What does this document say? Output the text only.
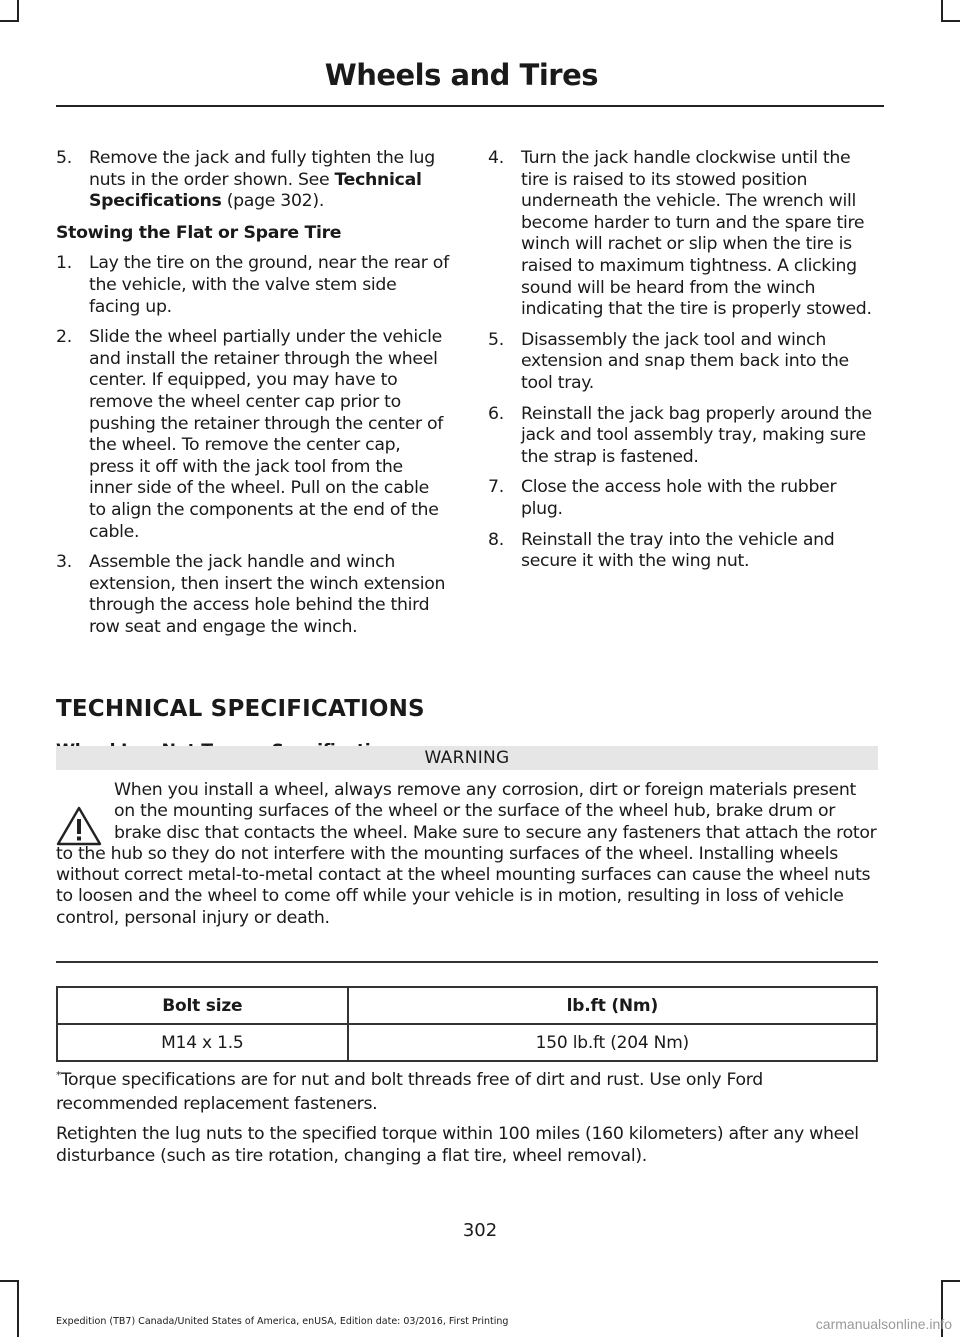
Wheels and Tires
5. Remove the jack and fully tighten the lug nuts in the order shown. See Technical Specifications (page 302).
Stowing the Flat or Spare Tire
1. Lay the tire on the ground, near the rear of the vehicle, with the valve stem side facing up.
2. Slide the wheel partially under the vehicle and install the retainer through the wheel center. If equipped, you may have to remove the wheel center cap prior to pushing the retainer through the center of the wheel. To remove the center cap, press it off with the jack tool from the inner side of the wheel. Pull on the cable to align the components at the end of the cable.
3. Assemble the jack handle and winch extension, then insert the winch extension through the access hole behind the third row seat and engage the winch.
4. Turn the jack handle clockwise until the tire is raised to its stowed position underneath the vehicle. The wrench will become harder to turn and the spare tire winch will rachet or slip when the tire is raised to maximum tightness. A clicking sound will be heard from the winch indicating that the tire is properly stowed.
5. Disassembly the jack tool and winch extension and snap them back into the tool tray.
6. Reinstall the jack bag properly around the jack and tool assembly tray, making sure the strap is fastened.
7. Close the access hole with the rubber plug.
8. Reinstall the tray into the vehicle and secure it with the wing nut.
TECHNICAL SPECIFICATIONS
WARNING
When you install a wheel, always remove any corrosion, dirt or foreign materials present on the mounting surfaces of the wheel or the surface of the wheel hub, brake drum or brake disc that contacts the wheel. Make sure to secure any fasteners that attach the rotor to the hub so they do not interfere with the mounting surfaces of the wheel. Installing wheels without correct metal-to-metal contact at the wheel mounting surfaces can cause the wheel nuts to loosen and the wheel to come off while your vehicle is in motion, resulting in loss of vehicle control, personal injury or death.
Bolt size	lb.ft (Nm)
M14 x 1.5	150 lb.ft (204 Nm)
*Torque specifications are for nut and bolt threads free of dirt and rust. Use only Ford recommended replacement fasteners.
Retighten the lug nuts to the specified torque within 100 miles (160 kilometers) after any wheel disturbance (such as tire rotation, changing a flat tire, wheel removal).
302
Expedition (TB7) Canada/United States of America, enUSA, Edition date: 03/2016, First Printing	carmanualsonline.info
